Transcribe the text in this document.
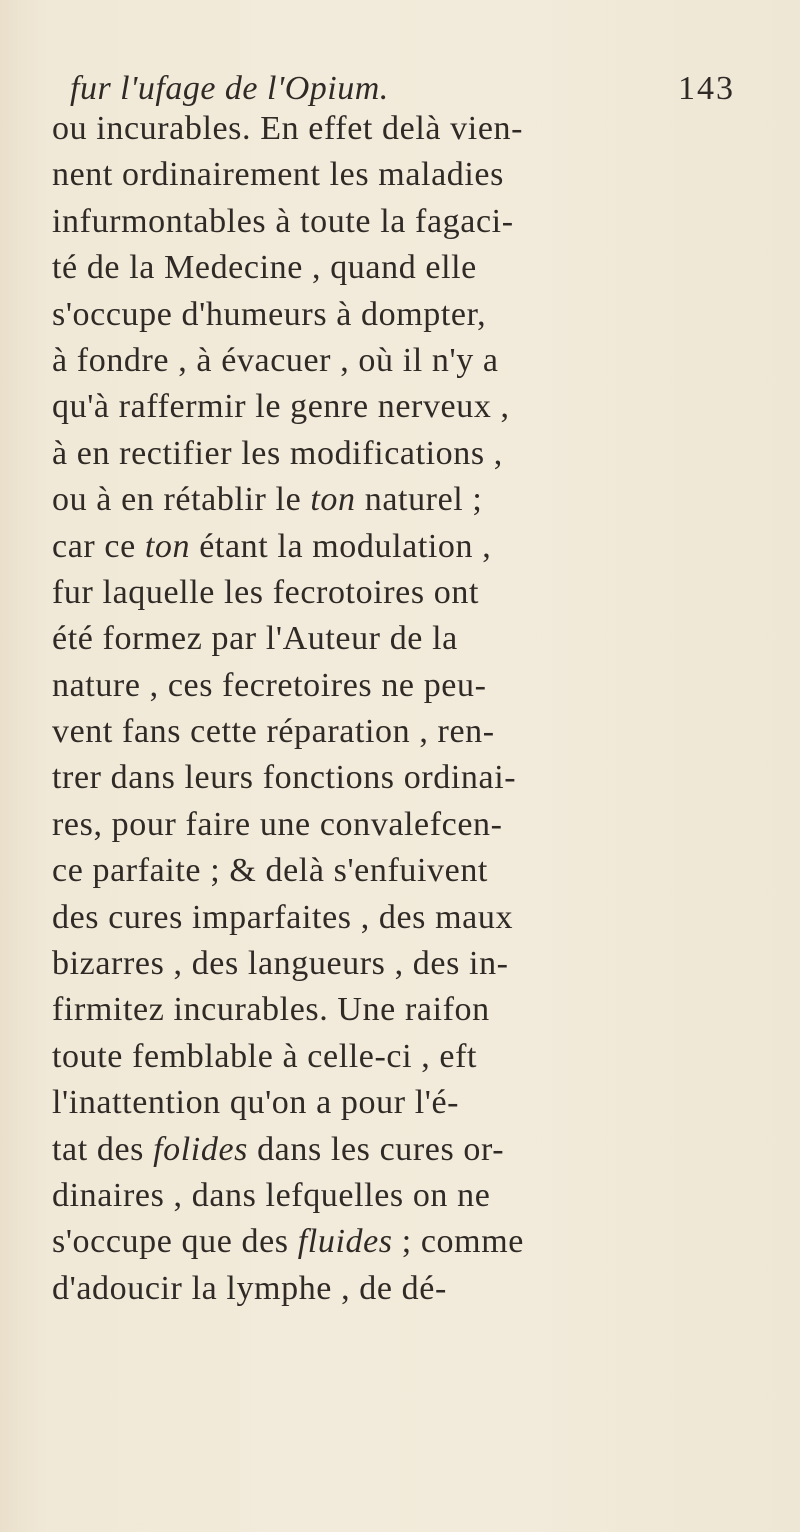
fur l'ufage de l'Opium.	143
ou incurables. En effet delà vien-
nent ordinairement les maladies
infurmontables à toute la fagaci-
té de la Medecine , quand elle
s'occupe d'humeurs à dompter,
à fondre , à évacuer , où il n'y a
qu'à raffermir le genre nerveux ,
à en rectifier les modifications ,
ou à en rétablir le ton naturel ;
car ce ton étant la modulation ,
fur laquelle les fecrotoires ont
été formez par l'Auteur de la
nature , ces fecretoires ne peu-
vent fans cette réparation , ren-
trer dans leurs fonctions ordinai-
res, pour faire une convalefcen-
ce parfaite ; & delà s'enfuivent
des cures imparfaites , des maux
bizarres , des langueurs , des in-
firmitez incurables. Une raifon
toute femblable à celle-ci , eft
l'inattention qu'on a pour l'é-
tat des folides dans les cures or-
dinaires , dans lefquelles on ne
s'occupe que des fluides ; comme
d'adoucir la lymphe , de dé-
